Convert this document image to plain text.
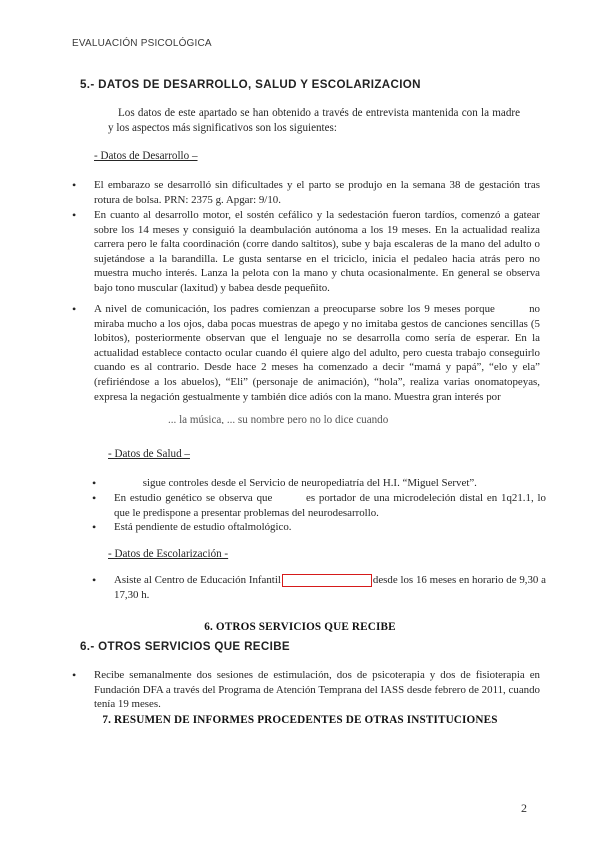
EVALUACIÓN PSICOLÓGICA
5.- DATOS DE DESARROLLO, SALUD Y ESCOLARIZACION
Los datos de este apartado se han obtenido a través de entrevista mantenida con la madre y los aspectos más significativos son los siguientes:
- Datos de Desarrollo –
• El embarazo se desarrolló sin dificultades y el parto se produjo en la semana 38 de gestación tras rotura de bolsa. PRN: 2375 g. Apgar: 9/10.
• En cuanto al desarrollo motor, el sostén cefálico y la sedestación fueron tardíos, comenzó a gatear sobre los 14 meses y consiguió la deambulación autónoma a los 19 meses. En la actualidad realiza carrera pero le falta coordinación (corre dando saltitos), sube y baja escaleras de la mano del adulto o sujetándose a la barandilla. Le gusta sentarse en el triciclo, inicia el pedaleo hacia atrás pero no muestra mucho interés. Lanza la pelota con la mano y chuta ocasionalmente. En general se observa bajo tono muscular (laxitud) y babea desde pequeñito.
• A nivel de comunicación, los padres comienzan a preocuparse sobre los 9 meses porque	no miraba mucho a los ojos, daba pocas muestras de apego y no imitaba gestos de canciones sencillas (5 lobitos), posteriormente observan que el lenguaje no se desarrolla como sería de esperar. En la actualidad establece contacto ocular cuando él quiere algo del adulto, pero cuesta trabajo conseguirlo cuando es al contrario. Desde hace 2 meses ha comenzado a decir “mamá y papá”, “elo y ela” (refiriéndose a los abuelos), “Eli” (personaje de animación), “hola”, realiza varias onomatopeyas, expresa la negación gestualmente y también dice adiós con la mano. Muestra gran interés por
... la música, ... su nombre pero no lo dice cuando
- Datos de Salud –
• sigue controles desde el Servicio de neuropediatría del H.I. “Miguel Servet”.
• En estudio genético se observa que	es portador de una microdeleción distal en 1q21.1, lo que le predispone a presentar problemas del neurodesarrollo.
• Está pendiente de estudio oftalmológico.
- Datos de Escolarización -
• Asiste al Centro de Educación Infantil	desde los 16 meses en horario de 9,30 a 17,30 h.
6. OTROS SERVICIOS QUE RECIBE
6.- OTROS SERVICIOS QUE RECIBE
• Recibe semanalmente dos sesiones de estimulación, dos de psicoterapia y dos de fisioterapia en Fundación DFA a través del Programa de Atención Temprana del IASS desde febrero de 2011, cuando tenía 19 meses.
7. RESUMEN DE INFORMES PROCEDENTES DE OTRAS INSTITUCIONES
2
